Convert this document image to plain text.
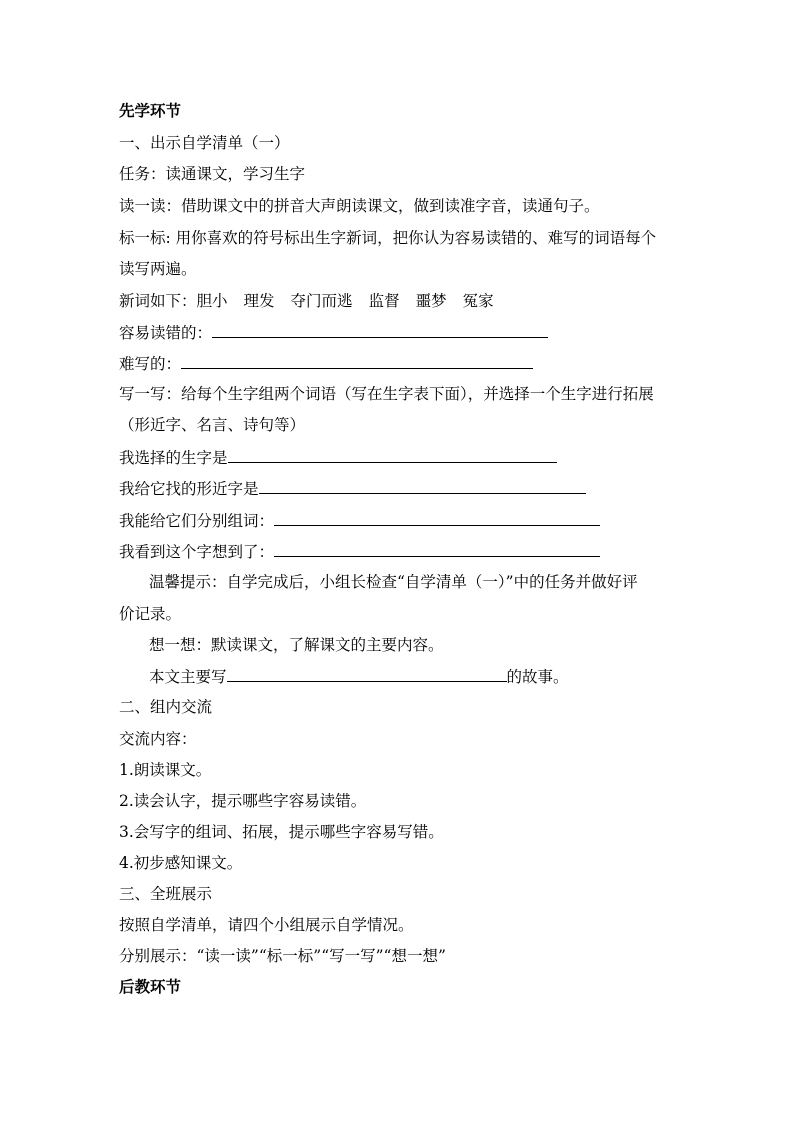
先学环节
一、出示自学清单（一）
任务：读通课文，学习生字
读一读：借助课文中的拼音大声朗读课文，做到读准字音，读通句子。
标一标: 用你喜欢的符号标出生字新词，把你认为容易读错的、难写的词语每个
读写两遍。
新词如下：胆小 理发 夺门而逃 监督 噩梦 冤家
容易读错的：
难写的：
写一写：给每个生字组两个词语（写在生字表下面），并选择一个生字进行拓展
（形近字、名言、诗句等）
我选择的生字是
我给它找的形近字是
我能给它们分别组词：
我看到这个字想到了：
温馨提示：自学完成后，小组长检查“自学清单（一）”中的任务并做好评
价记录。
想一想：默读课文，了解课文的主要内容。
本文主要写	的故事。
二、组内交流
交流内容：
1.朗读课文。
2.读会认字，提示哪些字容易读错。
3.会写字的组词、拓展，提示哪些字容易写错。
4.初步感知课文。
三、全班展示
按照自学清单，请四个小组展示自学情况。
分别展示：“读一读”“标一标”“写一写”“想一想”
后教环节
